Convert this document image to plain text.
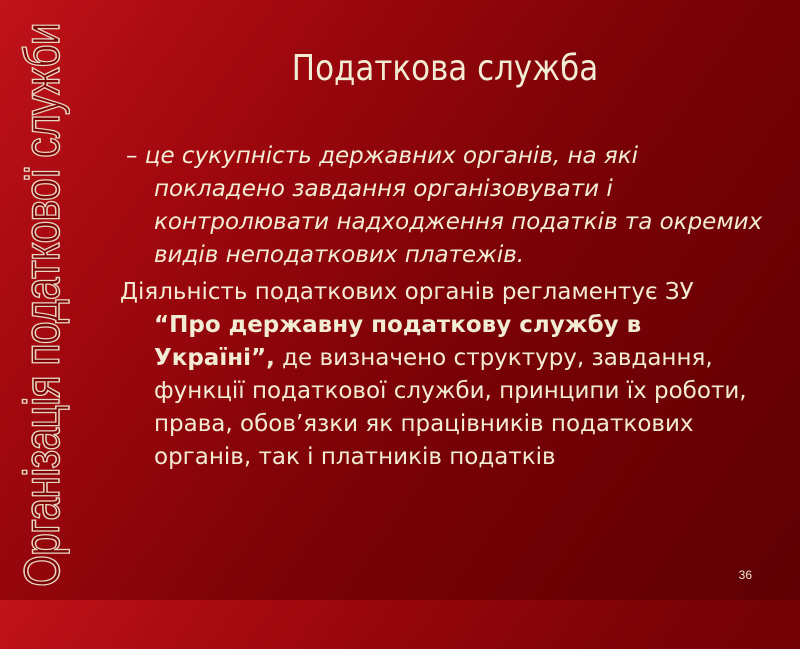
Організація податкової служби	Податкова служба

– це сукупність державних органів, на які покладено завдання організовувати і контролювати надходження податків та окремих видів неподаткових платежів.

Діяльність податкових органів регламентує ЗУ “Про державну податкову службу в Україні”, де визначено структуру, завдання, функції податкової служби, принципи їх роботи, права, обов’язки як працівників податкових органів, так і платників податків

36
